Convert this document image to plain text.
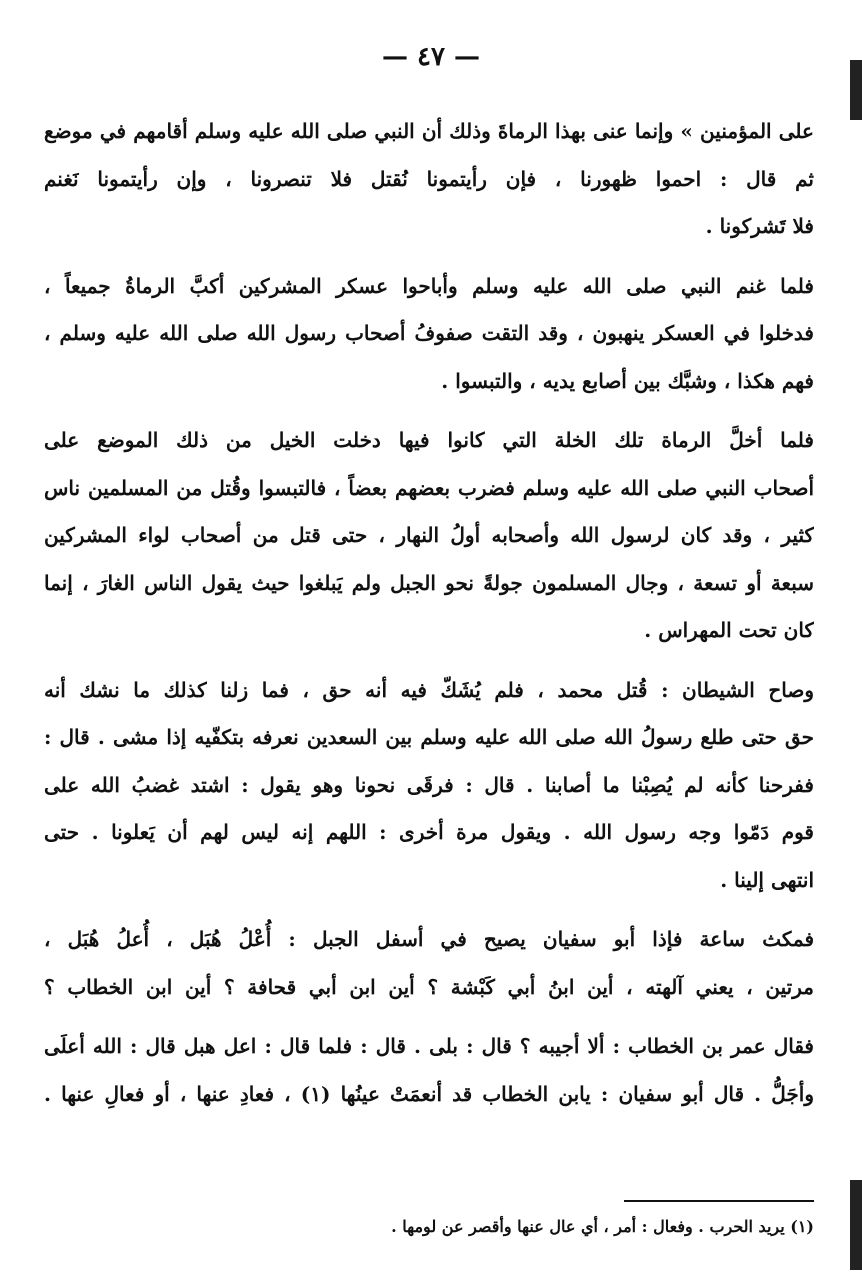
— ٤٧ —
على المؤمنين » وإنما عنى بهذا الرماةَ وذلك أن النبي صلى الله عليه وسلم أقامهم في موضع
ثم قال : احموا ظهورنا ، فإن رأيتمونا نُقتل فلا تنصرونا ، وإن رأيتمونا نَغنم
فلا تَشركونا .
فلما غنم النبي صلى الله عليه وسلم وأباحوا عسكر المشركين أكبَّ الرماةُ جميعاً ،
فدخلوا في العسكر ينهبون ، وقد التقت صفوفُ أصحاب رسول الله صلى الله عليه وسلم ،
فهم هكذا ، وشبَّك بين أصابع يديه ، والتبسوا .
فلما أخلَّ الرماة تلك الخلة التي كانوا فيها دخلت الخيل من ذلك الموضع على
أصحاب النبي صلى الله عليه وسلم فضرب بعضهم بعضاً ، فالتبسوا وقُتل من المسلمين ناس
كثير ، وقد كان لرسول الله وأصحابه أولُ النهار ، حتى قتل من أصحاب لواء المشركين
سبعة أو تسعة ، وجال المسلمون جولةً نحو الجبل ولم يَبلغوا حيث يقول الناس الغارَ ، إنما
كان تحت المهراس .
وصاح الشيطان : قُتل محمد ، فلم يُشَكّ فيه أنه حق ، فما زلنا كذلك ما نشك أنه
حق حتى طلع رسولُ الله صلى الله عليه وسلم بين السعدين نعرفه بتكفّيه إذا مشى . قال :
ففرحنا كأنه لم يُصِبْنا ما أصابنا . قال : فرقَى نحونا وهو يقول : اشتد غضبُ الله على
قوم دَمّوا وجه رسول الله . ويقول مرة أخرى : اللهم إنه ليس لهم أن يَعلونا . حتى
انتهى إلينا .
فمكث ساعة فإذا أبو سفيان يصيح في أسفل الجبل : أُعْلُ هُبَل ، أُعلُ هُبَل ،
مرتين ، يعني آلهته ، أين ابنُ أبي كَبْشة ؟ أين ابن أبي قحافة ؟ أين ابن الخطاب ؟
فقال عمر بن الخطاب : ألا أجيبه ؟ قال : بلى . قال : فلما قال : اعل هبل قال : الله أعلَى
وأجَلُّ . قال أبو سفيان : يابن الخطاب قد أنعمَتْ عينُها (١) ، فعادِ عنها ، أو فعالِ عنها .
(١) يريد الحرب . وفعال : أمر ، أي عال عنها وأقصر عن لومها .
